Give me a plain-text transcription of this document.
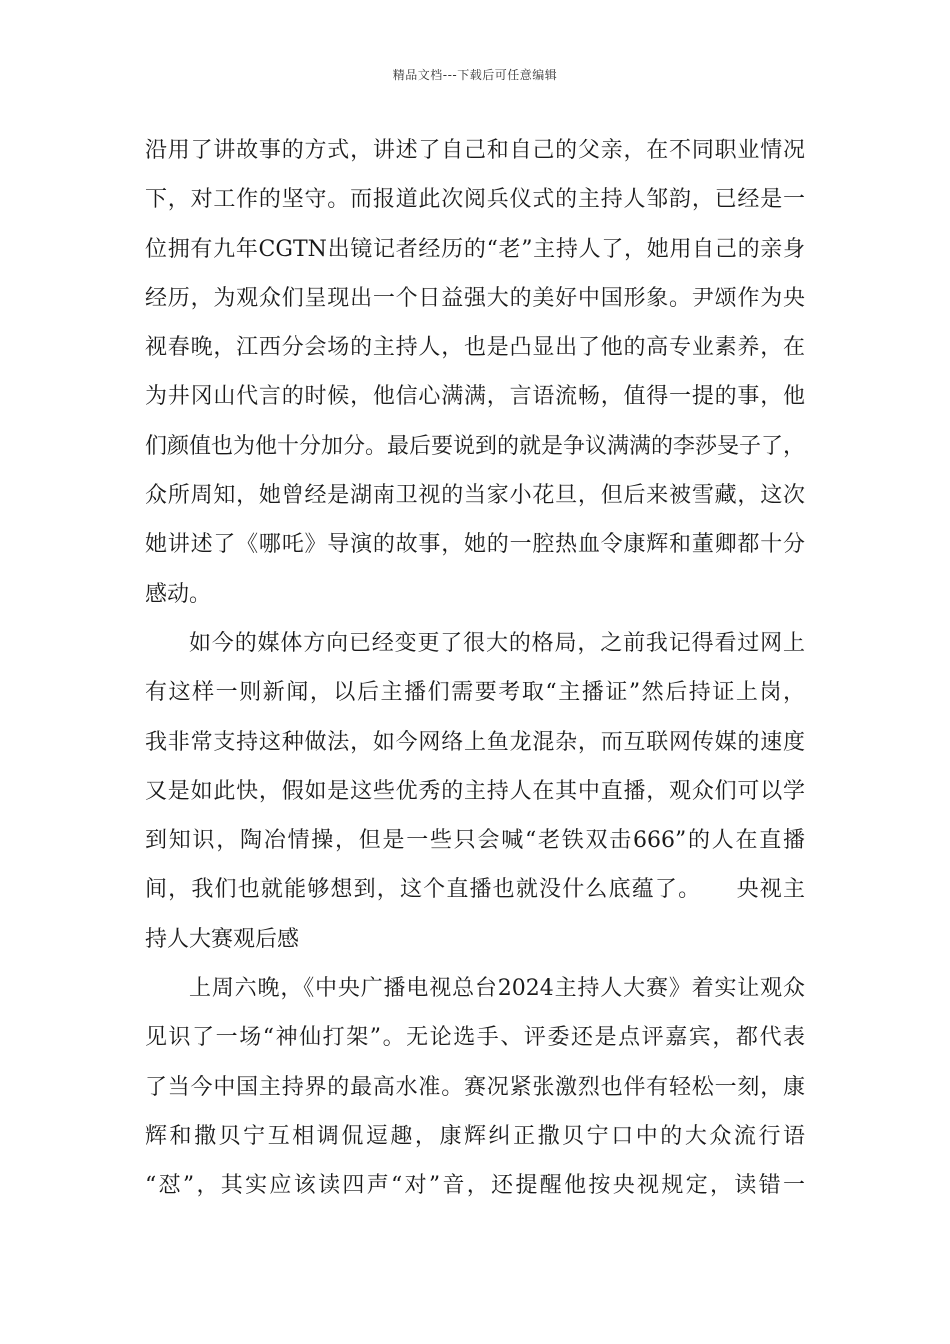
精品文档---下载后可任意编辑
沿用了讲故事的方式，讲述了自己和自己的父亲，在不同职业情况
下，对工作的坚守。而报道此次阅兵仪式的主持人邹韵，已经是一
位拥有九年CGTN出镜记者经历的“老”主持人了，她用自己的亲身
经历，为观众们呈现出一个日益强大的美好中国形象。尹颂作为央
视春晚，江西分会场的主持人，也是凸显出了他的高专业素养，在
为井冈山代言的时候，他信心满满，言语流畅，值得一提的事，他
们颜值也为他十分加分。最后要说到的就是争议满满的李莎旻子了，
众所周知，她曾经是湖南卫视的当家小花旦，但后来被雪藏，这次
她讲述了《哪吒》导演的故事，她的一腔热血令康辉和董卿都十分
感动。
如今的媒体方向已经变更了很大的格局，之前我记得看过网上
有这样一则新闻，以后主播们需要考取“主播证”然后持证上岗，
我非常支持这种做法，如今网络上鱼龙混杂，而互联网传媒的速度
又是如此快，假如是这些优秀的主持人在其中直播，观众们可以学
到知识，陶冶情操，但是一些只会喊“老铁双击666”的人在直播
间，我们也就能够想到，这个直播也就没什么底蕴了。　　央视主
持人大赛观后感
上周六晚，《中央广播电视总台2024主持人大赛》着实让观众
见识了一场“神仙打架”。无论选手、评委还是点评嘉宾，都代表
了当今中国主持界的最高水准。赛况紧张激烈也伴有轻松一刻，康
辉和撒贝宁互相调侃逗趣，康辉纠正撒贝宁口中的大众流行语
“怼”，其实应该读四声“对”音，还提醒他按央视规定，读错一
